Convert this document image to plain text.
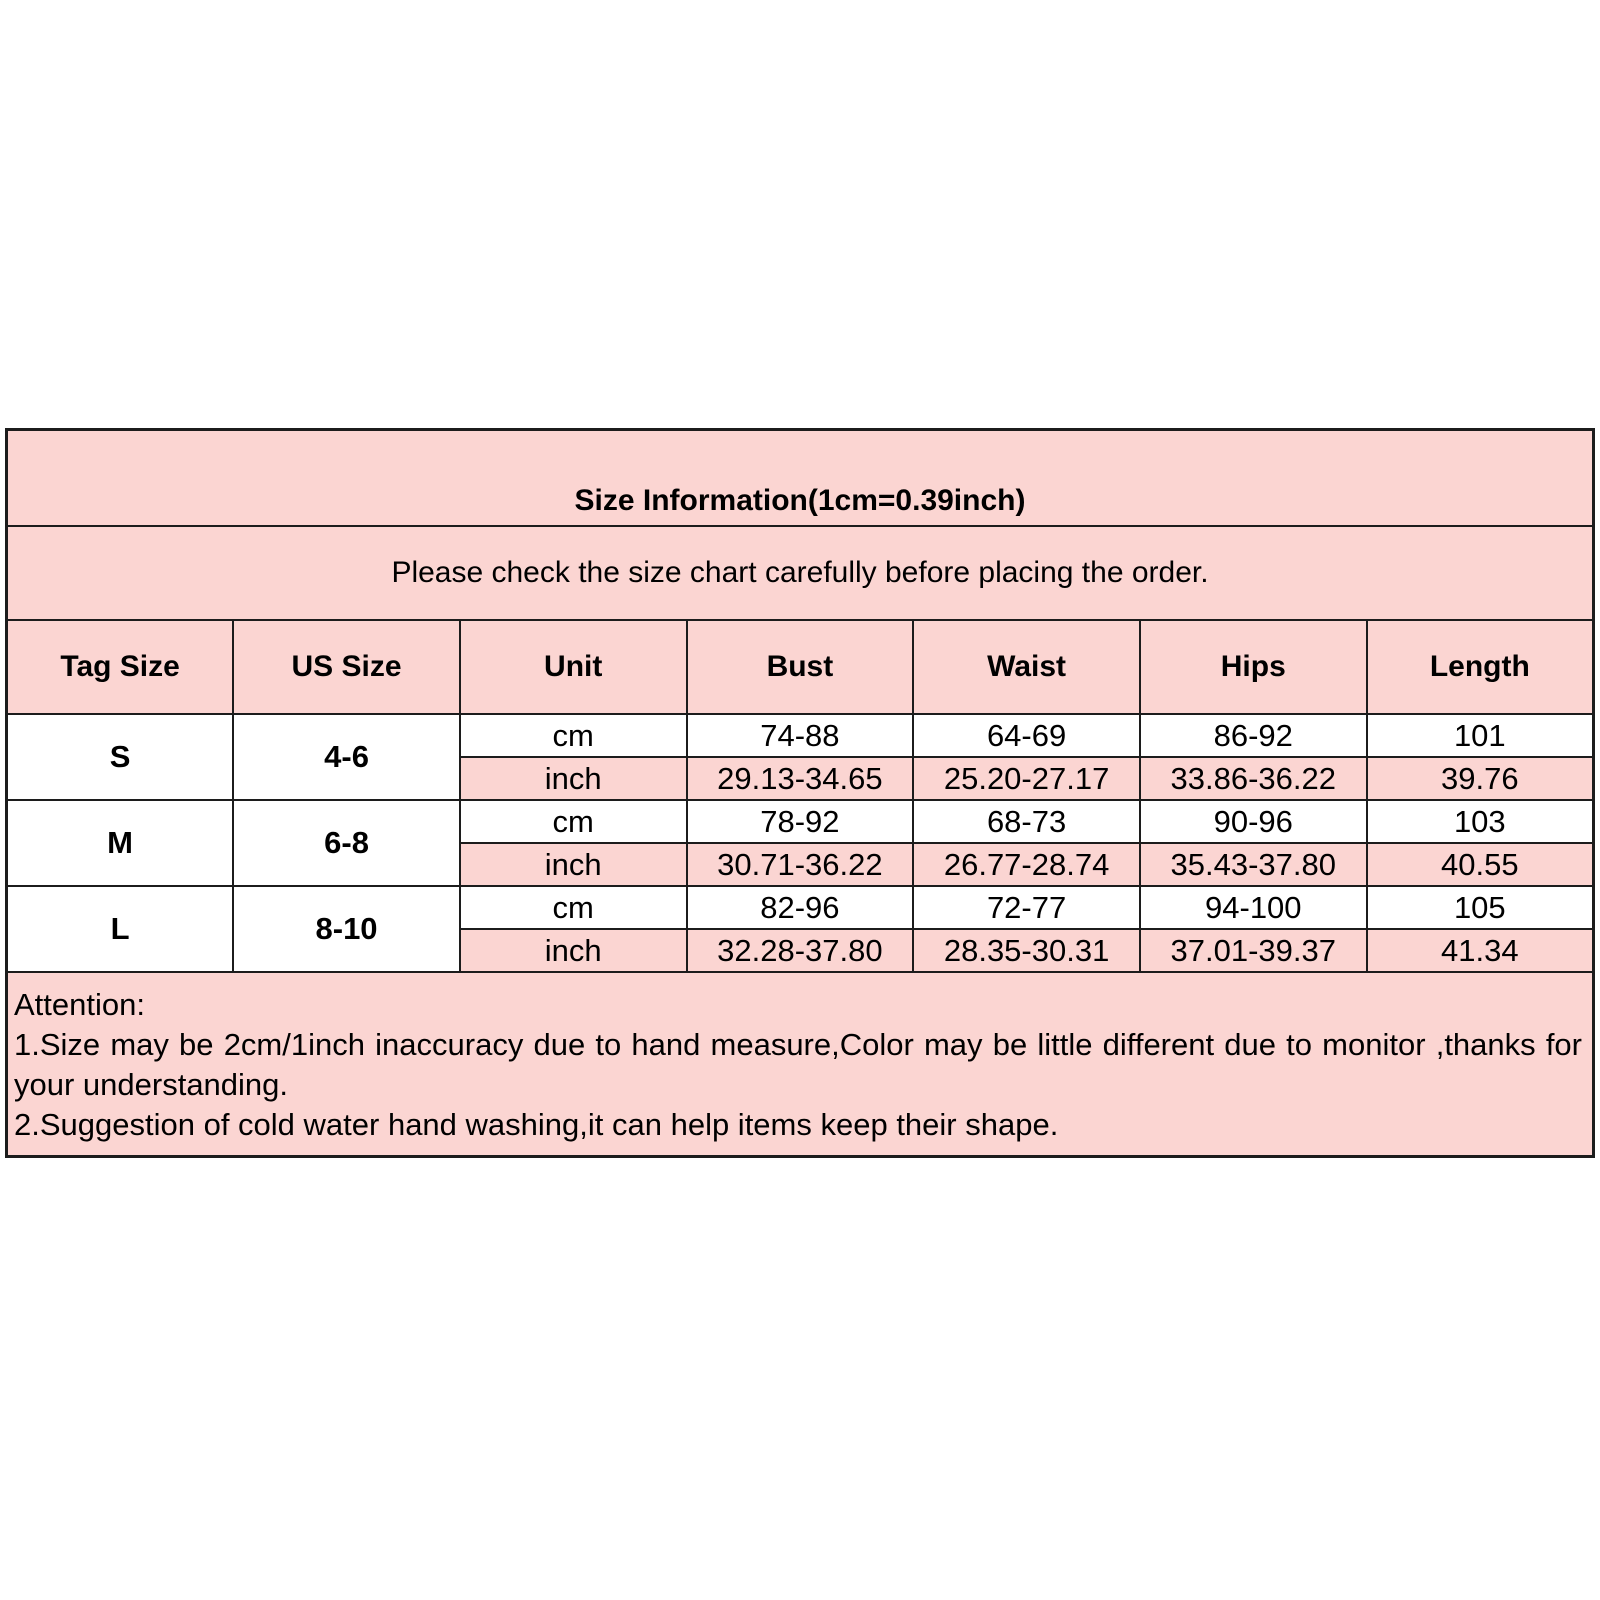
Size Information(1cm=0.39inch)						
Please check the size chart carefully before placing the order.						
Tag Size	US Size	Unit	Bust	Waist	Hips	Length
S	4-6	cm	74-88	64-69	86-92	101
		inch	29.13-34.65	25.20-27.17	33.86-36.22	39.76
M	6-8	cm	78-92	68-73	90-96	103
		inch	30.71-36.22	26.77-28.74	35.43-37.80	40.55
L	8-10	cm	82-96	72-77	94-100	105
		inch	32.28-37.80	28.35-30.31	37.01-39.37	41.34

Attention:
1.Size may be 2cm/1inch inaccuracy due to hand measure,Color may be little different due to monitor ,thanks for your understanding.
2.Suggestion of cold water hand washing,it can help items keep their shape.						
